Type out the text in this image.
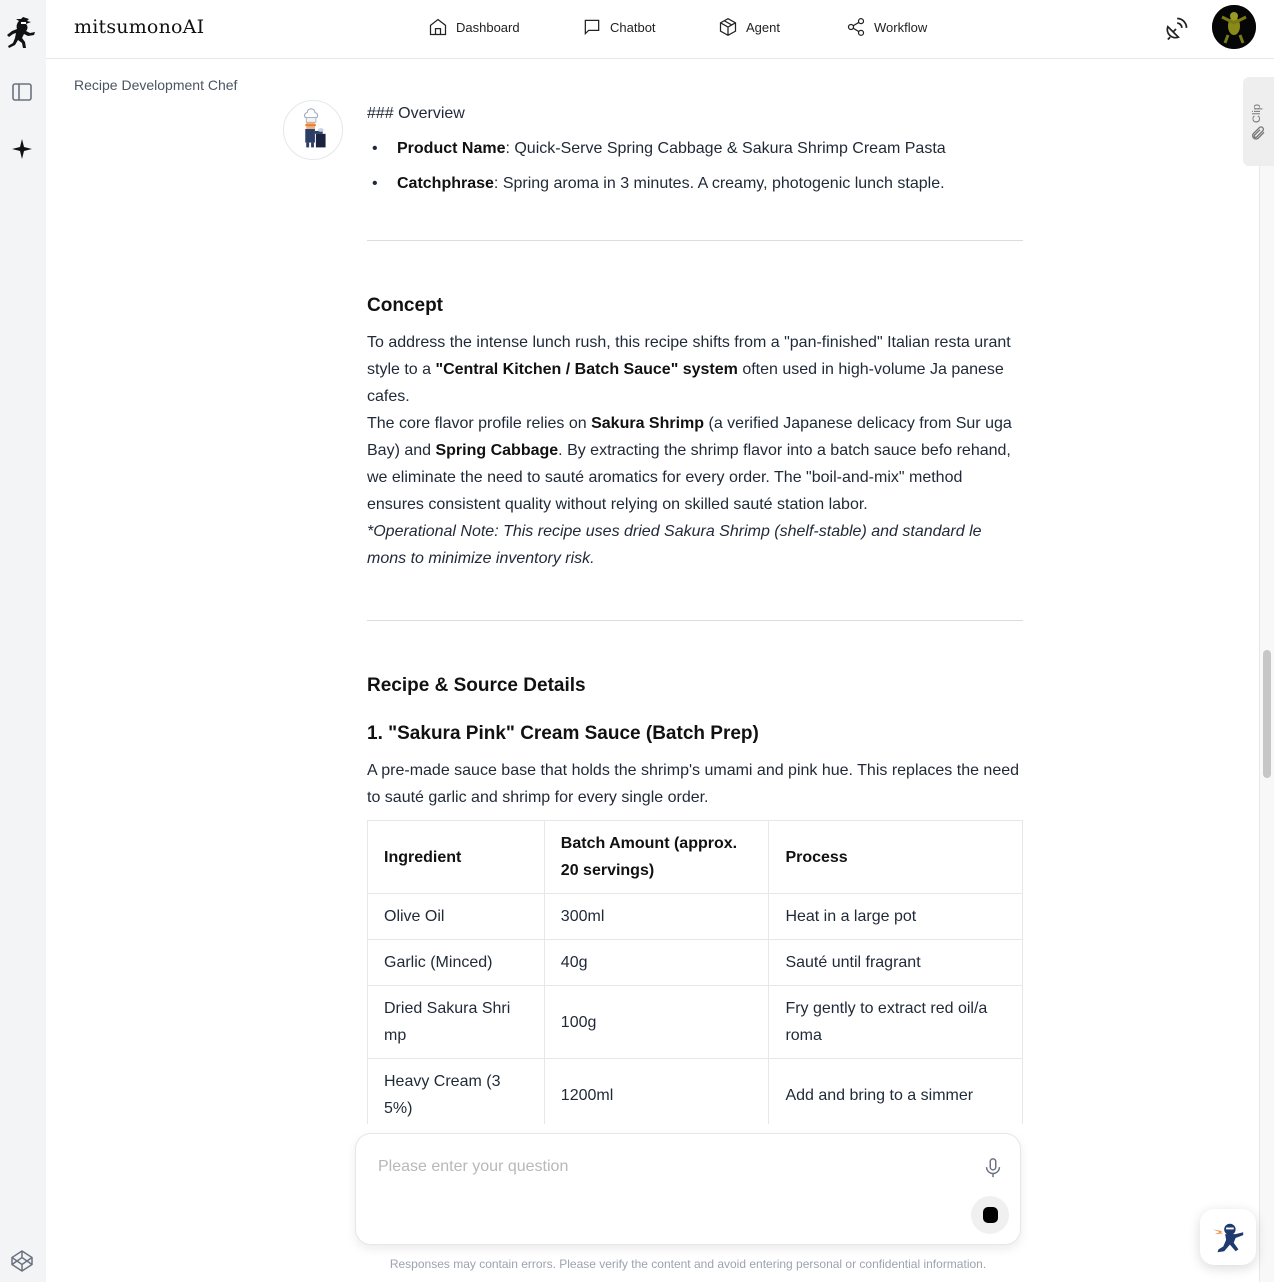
mitsumonoAI	Dashboard	Chatbot	Agent	Workflow
Recipe Development Chef
Clip

### Overview

• Product Name: Quick-Serve Spring Cabbage & Sakura Shrimp Cream Pasta
• Catchphrase: Spring aroma in 3 minutes. A creamy, photogenic lunch staple.
Concept

To address the intense lunch rush, this recipe shifts from a "pan-finished" Italian resta urant style to a "Central Kitchen / Batch Sauce" system often used in high-volume Ja panese cafes.

The core flavor profile relies on Sakura Shrimp (a verified Japanese delicacy from Sur uga Bay) and Spring Cabbage. By extracting the shrimp flavor into a batch sauce befo rehand, we eliminate the need to sauté aromatics for every order. The "boil-and-mix" method ensures consistent quality without relying on skilled sauté station labor.

*Operational Note: This recipe uses dried Sakura Shrimp (shelf-stable) and standard le mons to minimize inventory risk.

Recipe & Source Details
1. "Sakura Pink" Cream Sauce (Batch Prep)

A pre-made sauce base that holds the shrimp's umami and pink hue. This replaces the need to sauté garlic and shrimp for every single order.

Ingredient	Batch Amount (approx. 20 servings)	Process
Olive Oil	300ml	Heat in a large pot
Garlic (Minced)	40g	Sauté until fragrant
Dried Sakura Shri mp	100g	Fry gently to extract red oil/a roma
Heavy Cream (3 5%)	1200ml	Add and bring to a simmer
Please enter your question
Responses may contain errors. Please verify the content and avoid entering personal or confidential information.
